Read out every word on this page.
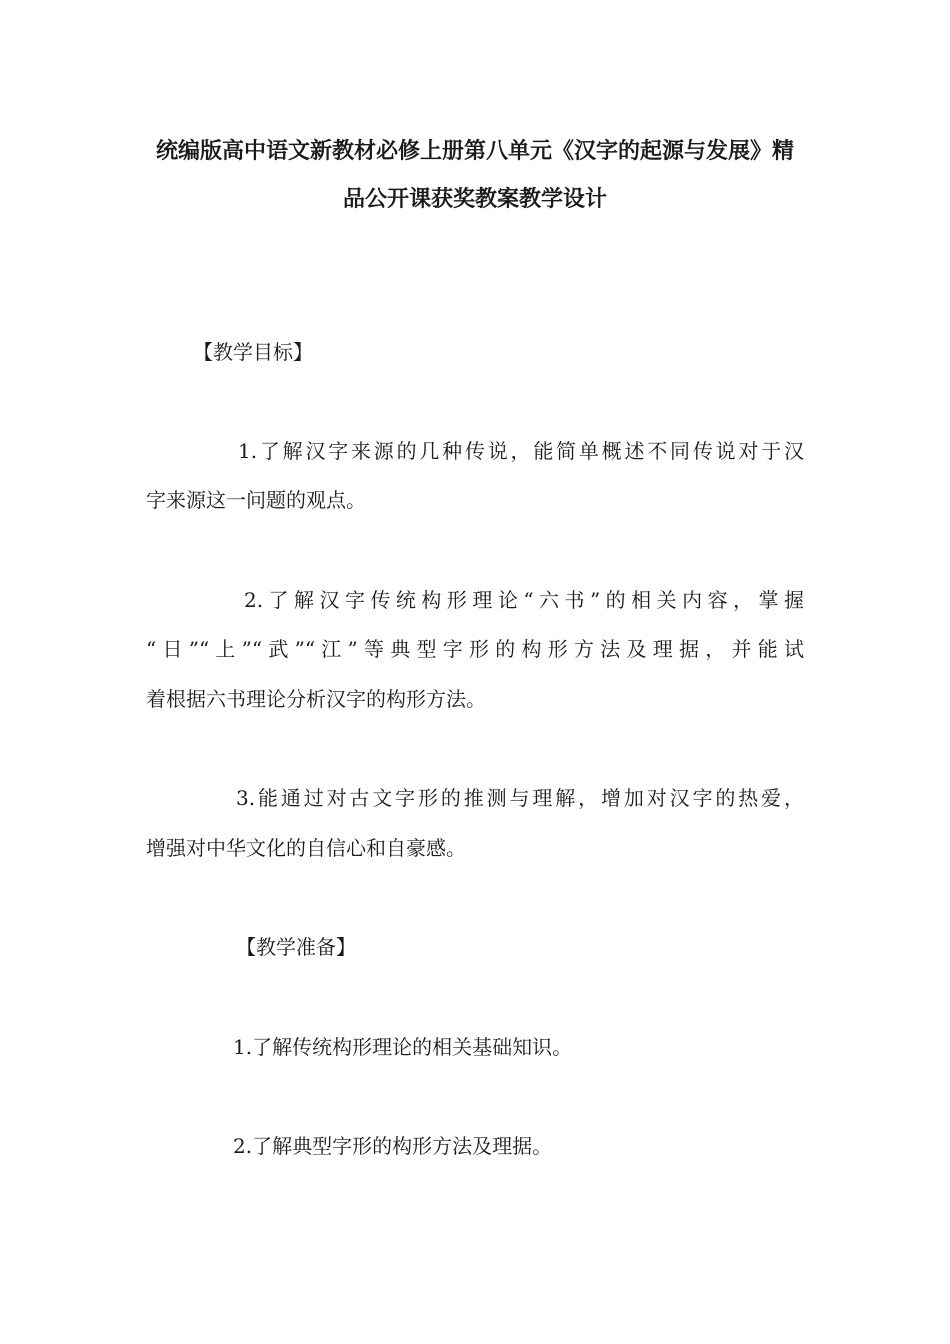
统编版高中语文新教材必修上册第八单元《汉字的起源与发展》精
品公开课获奖教案教学设计
【教学目标】
1.了解汉字来源的几种传说，能简单概述不同传说对于汉
字来源这一问题的观点。
2.了解汉字传统构形理论“六书”的相关内容，掌握
“日”“上”“武”“江”等典型字形的构形方法及理据，并能试
着根据六书理论分析汉字的构形方法。
3.能通过对古文字形的推测与理解，增加对汉字的热爱，
增强对中华文化的自信心和自豪感。
【教学准备】
1.了解传统构形理论的相关基础知识。
2.了解典型字形的构形方法及理据。
